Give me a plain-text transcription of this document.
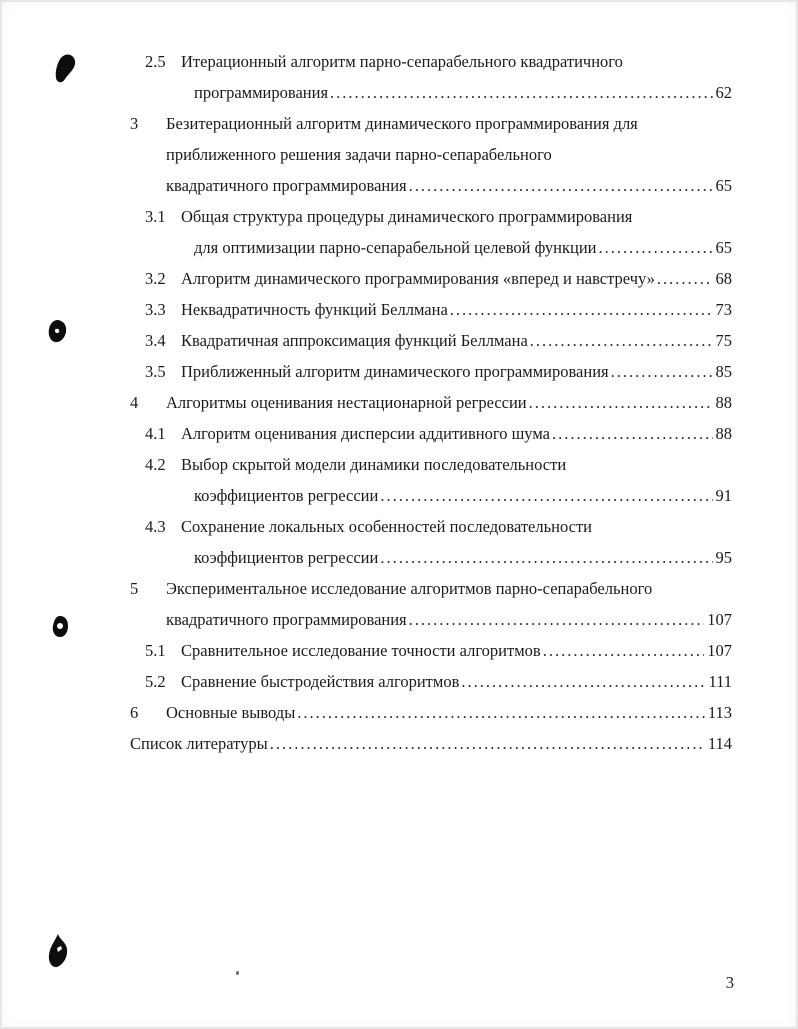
2.5 Итерационный алгоритм парно-сепарабельного квадратичного
программирования .....	62
3	Безитерационный алгоритм динамического программирования для
приближенного решения задачи парно-сепарабельного
квадратичного программирования .....	65
3.1 Общая структура процедуры динамического программирования
для оптимизации парно-сепарабельной целевой функции .....	65
3.2 Алгоритм динамического программирования «вперед и навстречу» .....	68
3.3 Неквадратичность функций Беллмана .....	73
3.4 Квадратичная аппроксимация функций Беллмана .....	75
3.5 Приближенный алгоритм динамического программирования .....	85
4	Алгоритмы оценивания нестационарной регрессии .....	88
4.1 Алгоритм оценивания дисперсии аддитивного шума .....	88
4.2 Выбор скрытой модели динамики последовательности
коэффициентов регрессии .....	91
4.3 Сохранение локальных особенностей последовательности
коэффициентов регрессии .....	95
5	Экспериментальное исследование алгоритмов парно-сепарабельного
квадратичного программирования .....	107
5.1 Сравнительное исследование точности алгоритмов .....	107
5.2 Сравнение быстродействия алгоритмов .....	111
6	Основные выводы .....	113
Список литературы .....	114
3
